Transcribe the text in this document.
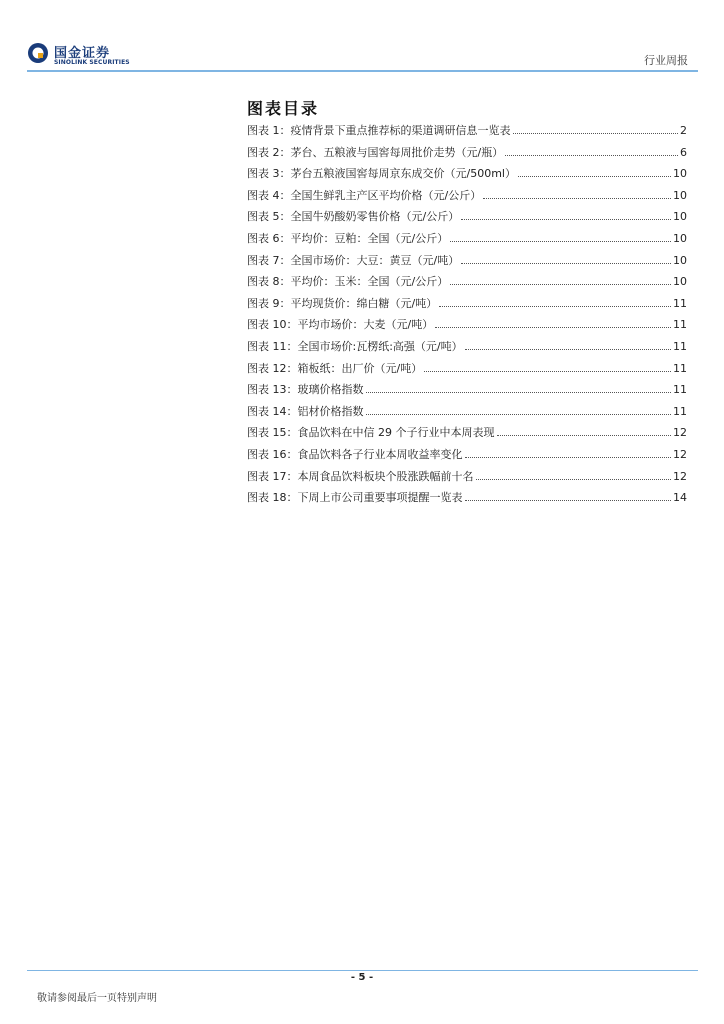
国金证券
SINOLINK SECURITIES	行业周报
图表目录
图表 1： 疫情背景下重点推荐标的渠道调研信息一览表	2
图表 2： 茅台、五粮液与国窖每周批价走势（元/瓶）	6
图表 3： 茅台五粮液国窖每周京东成交价（元/500ml）	10
图表 4： 全国生鲜乳主产区平均价格（元/公斤）	10
图表 5： 全国牛奶酸奶零售价格（元/公斤）	10
图表 6： 平均价：豆粕：全国（元/公斤）	10
图表 7： 全国市场价：大豆：黄豆（元/吨）	10
图表 8： 平均价：玉米：全国（元/公斤）	10
图表 9： 平均现货价：绵白糖（元/吨）	11
图表 10： 平均市场价：大麦（元/吨）	11
图表 11： 全国市场价:瓦楞纸:高强（元/吨）	11
图表 12： 箱板纸：出厂价（元/吨）	11
图表 13： 玻璃价格指数	11
图表 14： 铝材价格指数	11
图表 15： 食品饮料在中信 29 个子行业中本周表现	12
图表 16： 食品饮料各子行业本周收益率变化	12
图表 17： 本周食品饮料板块个股涨跌幅前十名	12
图表 18： 下周上市公司重要事项提醒一览表	14
- 5 -
敬请参阅最后一页特别声明
